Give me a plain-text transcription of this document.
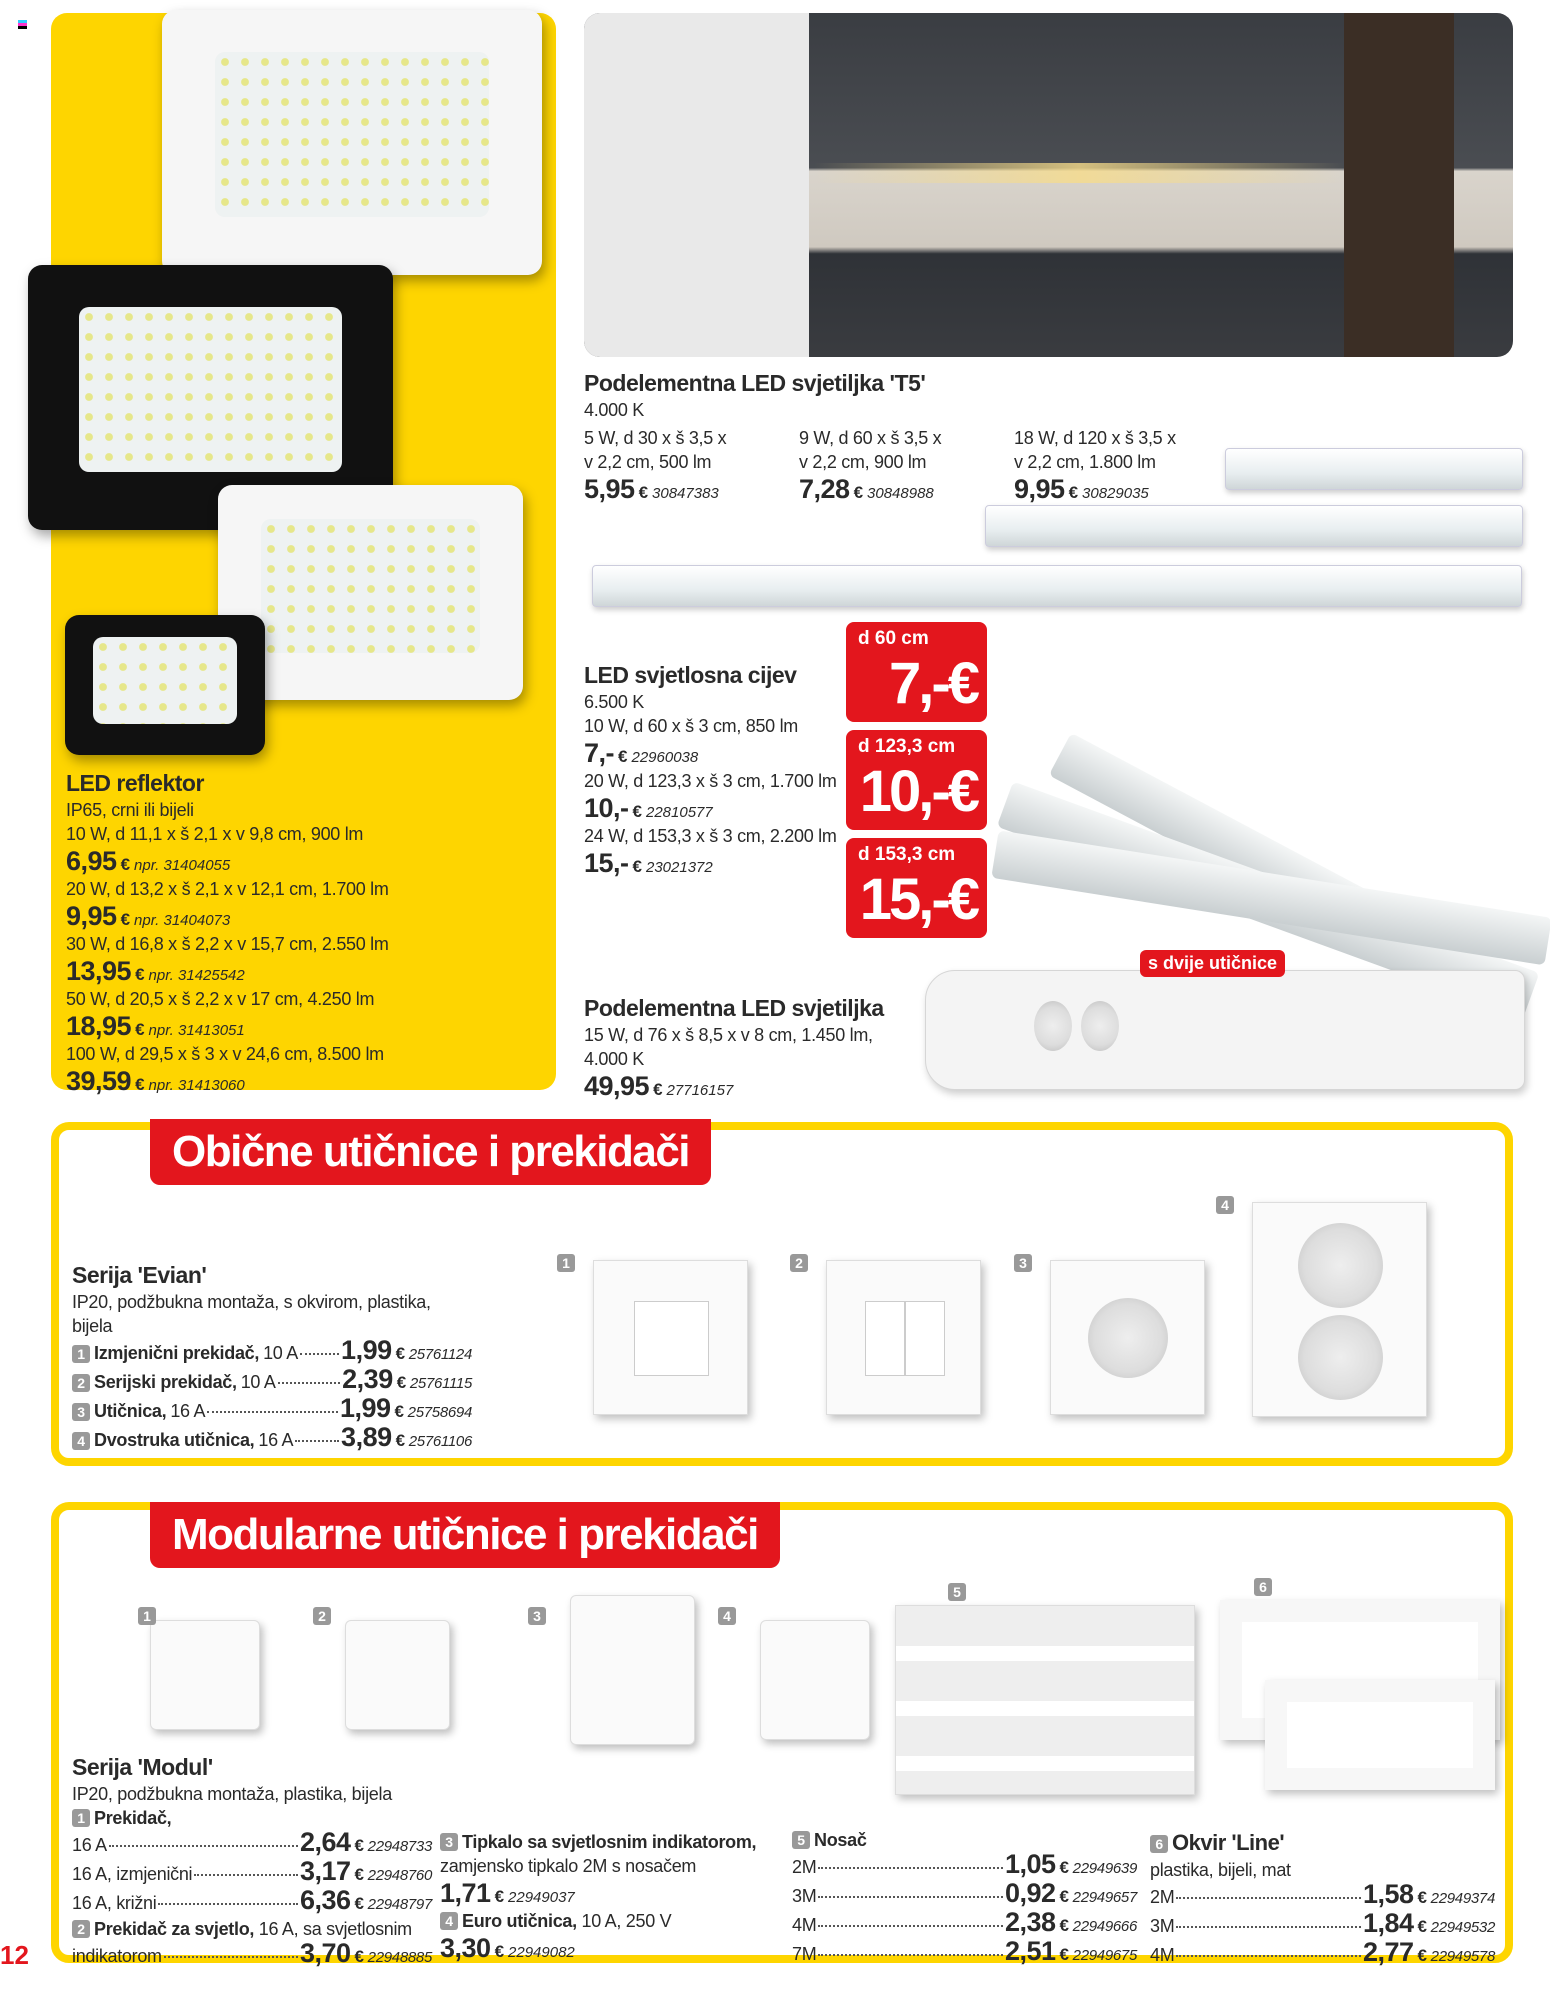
LED reflektor
IP65, crni ili bijeli
10 W, d 11,1 x š 2,1 x v 9,8 cm, 900 lm
6,95 € npr. 31404055
20 W, d 13,2 x š 2,1 x v 12,1 cm, 1.700 lm
9,95 € npr. 31404073
30 W, d 16,8 x š 2,2 x v 15,7 cm, 2.550 lm
13,95 € npr. 31425542
50 W, d 20,5 x š 2,2 x v 17 cm, 4.250 lm
18,95 € npr. 31413051
100 W, d 29,5 x š 3 x v 24,6 cm, 8.500 lm
39,59 € npr. 31413060
Podelementna LED svjetiljka 'T5'
4.000 K
5 W, d 30 x š 3,5 x
v 2,2 cm, 500 lm
5,95 € 30847383
9 W, d 60 x š 3,5 x
v 2,2 cm, 900 lm
7,28 € 30848988
18 W, d 120 x š 3,5 x
v 2,2 cm, 1.800 lm
9,95 € 30829035
LED svjetlosna cijev
6.500 K
10 W, d 60 x š 3 cm, 850 lm
7,- € 22960038
20 W, d 123,3 x š 3 cm, 1.700 lm
10,- € 22810577
24 W, d 153,3 x š 3 cm, 2.200 lm
15,- € 23021372
d 60 cm
7,-€
d 123,3 cm
10,-€
d 153,3 cm
15,-€
Podelementna LED svjetiljka
15 W, d 76 x š 8,5 x v 8 cm, 1.450 lm,
4.000 K
49,95 € 27716157
s dvije utičnice
Obične utičnice i prekidači
Serija 'Evian'
IP20, podžbukna montaža, s okvirom, plastika, bijela
1 Izmjenični prekidač, 10 A 1,99 € 25761124
2 Serijski prekidač, 10 A 2,39 € 25761115
3 Utičnica, 16 A	1,99 € 25758694
4 Dvostruka utičnica, 16 A 3,89 € 25761106
1	2	3
4
Modularne utičnice i prekidači
1	2	3	4
5	6
Serija 'Modul'
IP20, podžbukna montaža, plastika, bijela
1 Prekidač,
16 A	2,64 € 22948733
16 A, izmjenični	3,17 € 22948760
16 A, križni	6,36 € 22948797
2 Prekidač za svjetlo, 16 A, sa svjetlosnim
indikatorom	3,70 € 22948885
3 Tipkalo sa svjetlosnim indikatorom,
zamjensko tipkalo 2M s nosačem
1,71 € 22949037
4 Euro utičnica, 10 A, 250 V
3,30 € 22949082
5 Nosač
2M	1,05 € 22949639
3M	0,92 € 22949657
4M	2,38 € 22949666
7M	2,51 € 22949675
6 Okvir 'Line'
plastika, bijeli, mat
2M	1,58 € 22949374
3M	1,84 € 22949532
4M	2,77 € 22949578
12
